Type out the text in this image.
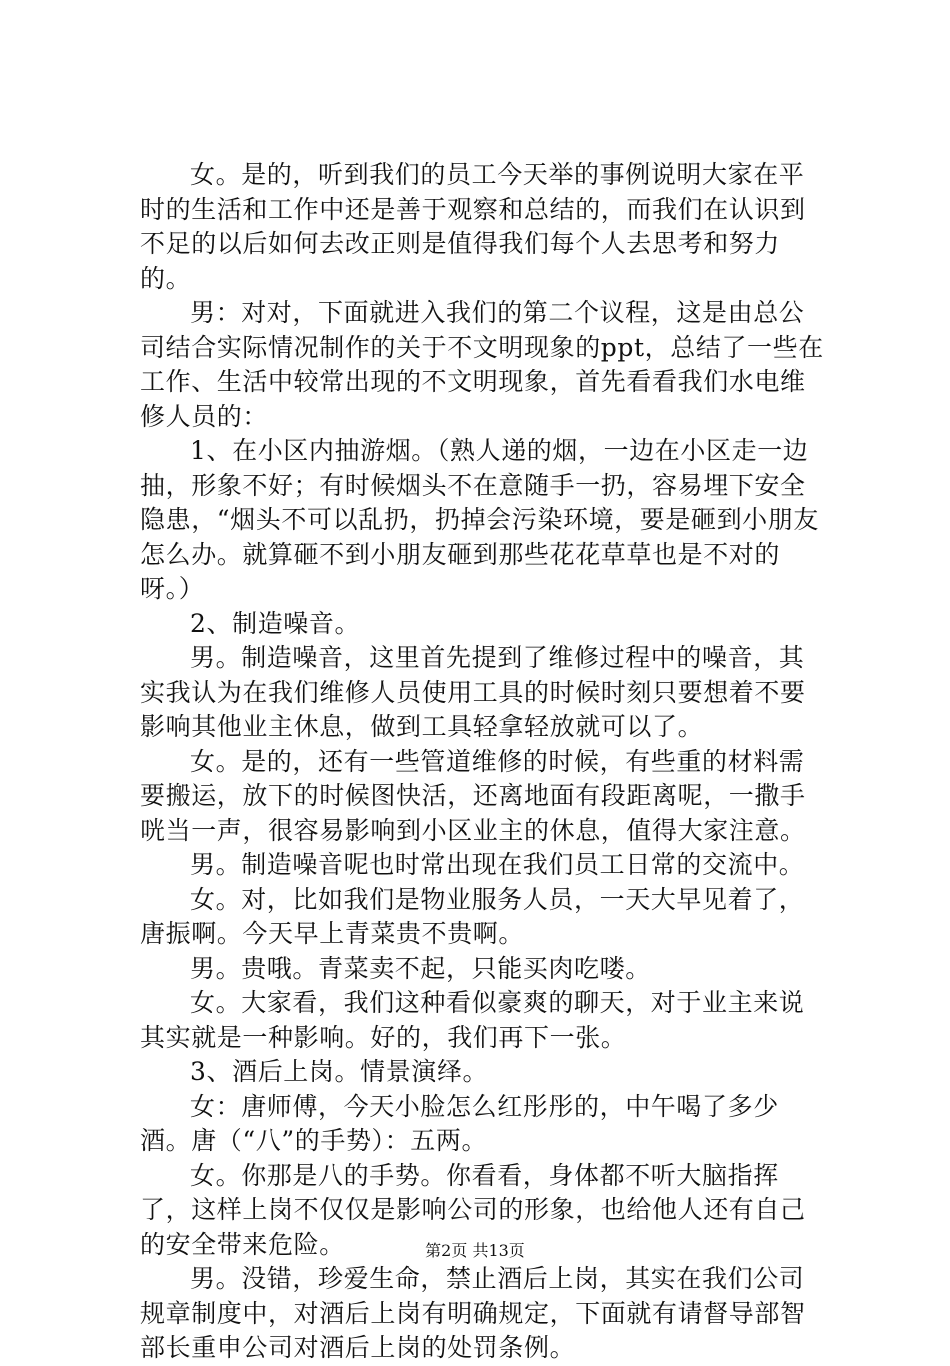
女。是的，听到我们的员工今天举的事例说明大家在平时的生活和工作中还是善于观察和总结的，而我们在认识到不足的以后如何去改正则是值得我们每个人去思考和努力的。

男：对对，下面就进入我们的第二个议程，这是由总公司结合实际情况制作的关于不文明现象的ppt，总结了一些在工作、生活中较常出现的不文明现象，首先看看我们水电维修人员的：

1、在小区内抽游烟。（熟人递的烟，一边在小区走一边抽，形象不好；有时候烟头不在意随手一扔，容易埋下安全隐患，“烟头不可以乱扔，扔掉会污染环境，要是砸到小朋友怎么办。就算砸不到小朋友砸到那些花花草草也是不对的呀。）

2、制造噪音。

男。制造噪音，这里首先提到了维修过程中的噪音，其实我认为在我们维修人员使用工具的时候时刻只要想着不要影响其他业主休息，做到工具轻拿轻放就可以了。

女。是的，还有一些管道维修的时候，有些重的材料需要搬运，放下的时候图快活，还离地面有段距离呢，一撒手咣当一声，很容易影响到小区业主的休息，值得大家注意。

男。制造噪音呢也时常出现在我们员工日常的交流中。

女。对，比如我们是物业服务人员，一天大早见着了，唐振啊。今天早上青菜贵不贵啊。

男。贵哦。青菜卖不起，只能买肉吃喽。

女。大家看，我们这种看似豪爽的聊天，对于业主来说其实就是一种影响。好的，我们再下一张。

3、酒后上岗。情景演绎。

女：唐师傅，今天小脸怎么红彤彤的，中午喝了多少酒。唐（“八”的手势）：五两。

女。你那是八的手势。你看看，身体都不听大脑指挥了，这样上岗不仅仅是影响公司的形象，也给他人还有自己的安全带来危险。

男。没错，珍爱生命，禁止酒后上岗，其实在我们公司规章制度中，对酒后上岗有明确规定，下面就有请督导部智部长重申公司对酒后上岗的处罚条例。

第2页 共13页
